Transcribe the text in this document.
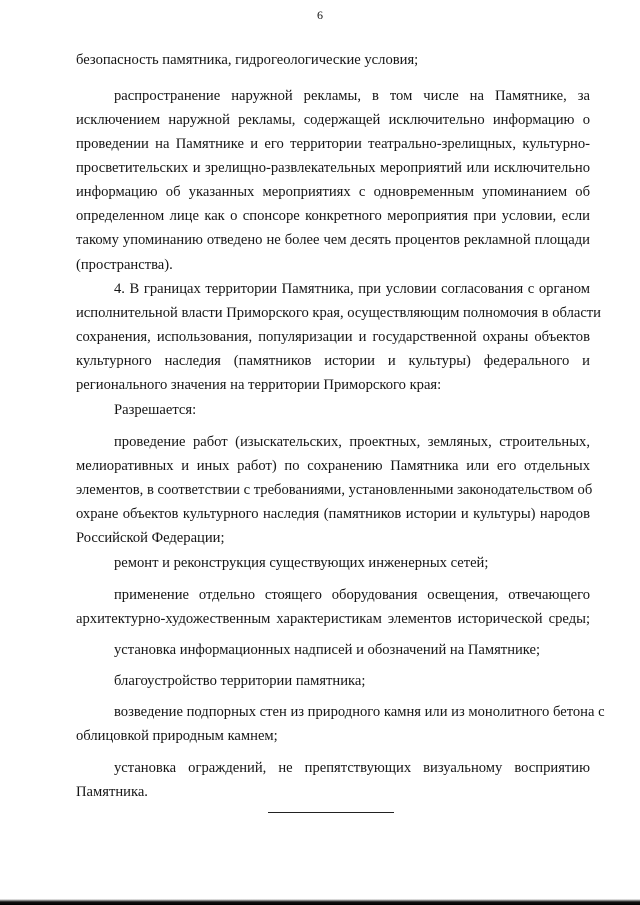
6
безопасность памятника, гидрогеологические условия;
распространение наружной рекламы, в том числе на Памятнике, за
исключением наружной рекламы, содержащей исключительно информацию о
проведении на Памятнике и его территории театрально-зрелищных, культурно-
просветительских и зрелищно-развлекательных мероприятий или исключительно
информацию об указанных мероприятиях с одновременным упоминанием об
определенном лице как о спонсоре конкретного мероприятия при условии, если
такому упоминанию отведено не более чем десять процентов рекламной площади
(пространства).
4. В границах территории Памятника, при условии согласования с органом
исполнительной власти Приморского края, осуществляющим полномочия в области
сохранения, использования, популяризации и государственной охраны объектов
культурного наследия (памятников истории и культуры) федерального и
регионального значения на территории Приморского края:
Разрешается:
проведение работ (изыскательских, проектных, земляных, строительных,
мелиоративных и иных работ) по сохранению Памятника или его отдельных
элементов, в соответствии с требованиями, установленными законодательством об
охране объектов культурного наследия (памятников истории и культуры) народов
Российской Федерации;
ремонт и реконструкция существующих инженерных сетей;
применение отдельно стоящего оборудования освещения, отвечающего
архитектурно-художественным характеристикам элементов исторической среды;
установка информационных надписей и обозначений на Памятнике;
благоустройство территории памятника;
возведение подпорных стен из природного камня или из монолитного бетона с
облицовкой природным камнем;
установка ограждений, не препятствующих визуальному восприятию
Памятника.
